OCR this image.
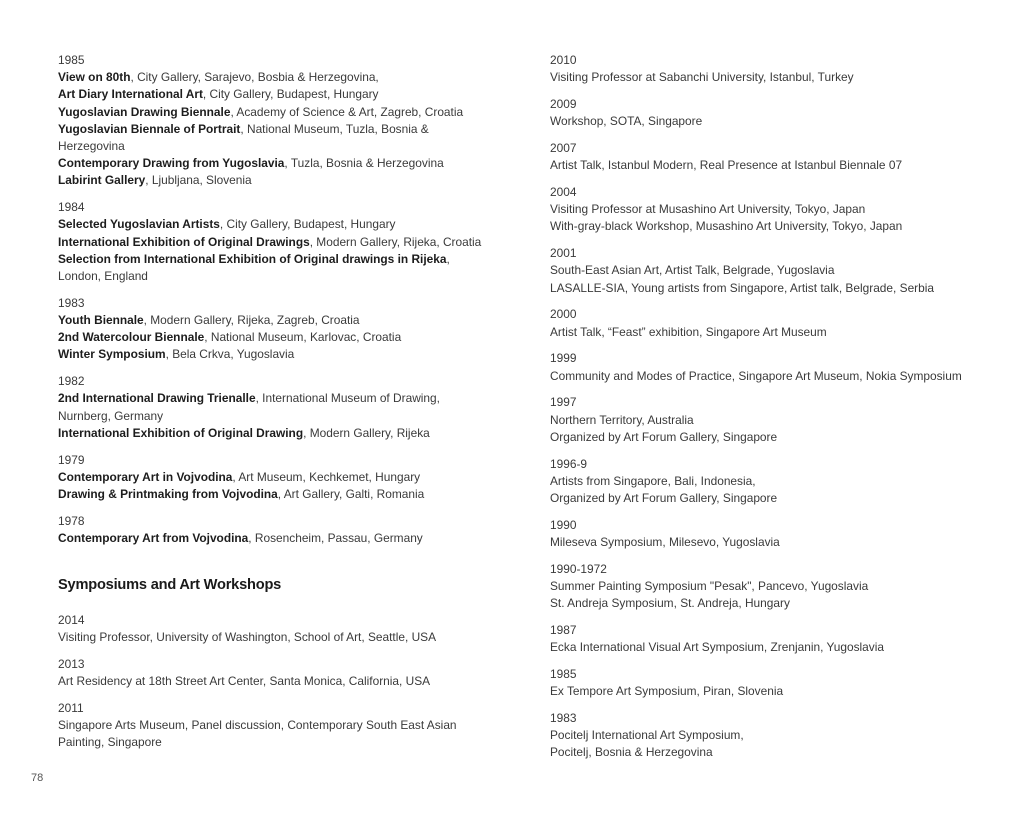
1985
View on 80th, City Gallery, Sarajevo, Bosbia & Herzegovina,
Art Diary International Art, City Gallery, Budapest, Hungary
Yugoslavian Drawing Biennale, Academy of Science & Art, Zagreb, Croatia
Yugoslavian Biennale of Portrait, National Museum, Tuzla, Bosnia &
Herzegovina
Contemporary Drawing from Yugoslavia, Tuzla, Bosnia & Herzegovina
Labirint Gallery, Ljubljana, Slovenia
1984
Selected Yugoslavian Artists, City Gallery, Budapest, Hungary
International Exhibition of Original Drawings, Modern Gallery, Rijeka, Croatia
Selection from International Exhibition of Original drawings in Rijeka,
London, England
1983
Youth Biennale, Modern Gallery, Rijeka, Zagreb, Croatia
2nd Watercolour Biennale, National Museum, Karlovac, Croatia
Winter Symposium, Bela Crkva, Yugoslavia
1982
2nd International Drawing Trienalle, International Museum of Drawing,
Nurnberg, Germany
International Exhibition of Original Drawing, Modern Gallery, Rijeka
1979
Contemporary Art in Vojvodina, Art Museum, Kechkemet, Hungary
Drawing & Printmaking from Vojvodina, Art Gallery, Galti, Romania
1978
Contemporary Art from Vojvodina, Rosencheim, Passau, Germany
Symposiums and Art Workshops
2014
Visiting Professor, University of Washington, School of Art, Seattle, USA
2013
Art Residency at 18th Street Art Center, Santa Monica, California, USA
2011
Singapore Arts Museum, Panel discussion, Contemporary South East Asian
Painting, Singapore
2010
Visiting Professor at Sabanchi University, Istanbul, Turkey
2009
Workshop, SOTA, Singapore
2007
Artist Talk, Istanbul Modern, Real Presence at Istanbul Biennale 07
2004
Visiting Professor at Musashino Art University, Tokyo, Japan
With-gray-black Workshop, Musashino Art University, Tokyo, Japan
2001
South-East Asian Art, Artist Talk, Belgrade, Yugoslavia
LASALLE-SIA, Young artists from Singapore, Artist talk, Belgrade, Serbia
2000
Artist Talk, “Feast” exhibition, Singapore Art Museum
1999
Community and Modes of Practice, Singapore Art Museum, Nokia Symposium
1997
Northern Territory, Australia
Organized by Art Forum Gallery, Singapore
1996-9
Artists from Singapore, Bali, Indonesia,
Organized by Art Forum Gallery, Singapore
1990
Mileseva Symposium, Milesevo, Yugoslavia
1990-1972
Summer Painting Symposium "Pesak", Pancevo, Yugoslavia
St. Andreja Symposium, St. Andreja, Hungary
1987
Ecka International Visual Art Symposium, Zrenjanin, Yugoslavia
1985
Ex Tempore Art Symposium, Piran, Slovenia
1983
Pocitelj International Art Symposium,
Pocitelj, Bosnia & Herzegovina
78
